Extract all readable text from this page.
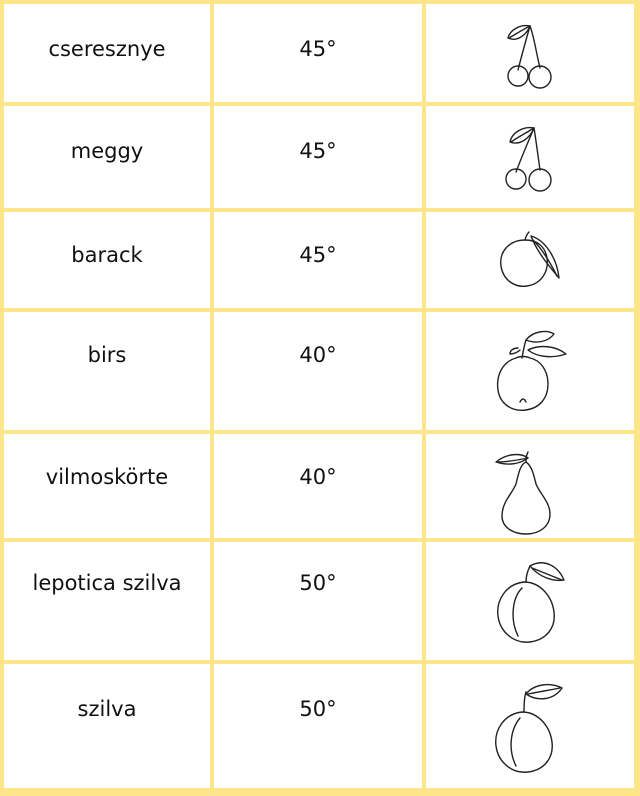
cseresznye	45°
meggy	45°
barack	45°
birs	40°
vilmoskörte	40°
lepotica szilva	50°
szilva	50°
